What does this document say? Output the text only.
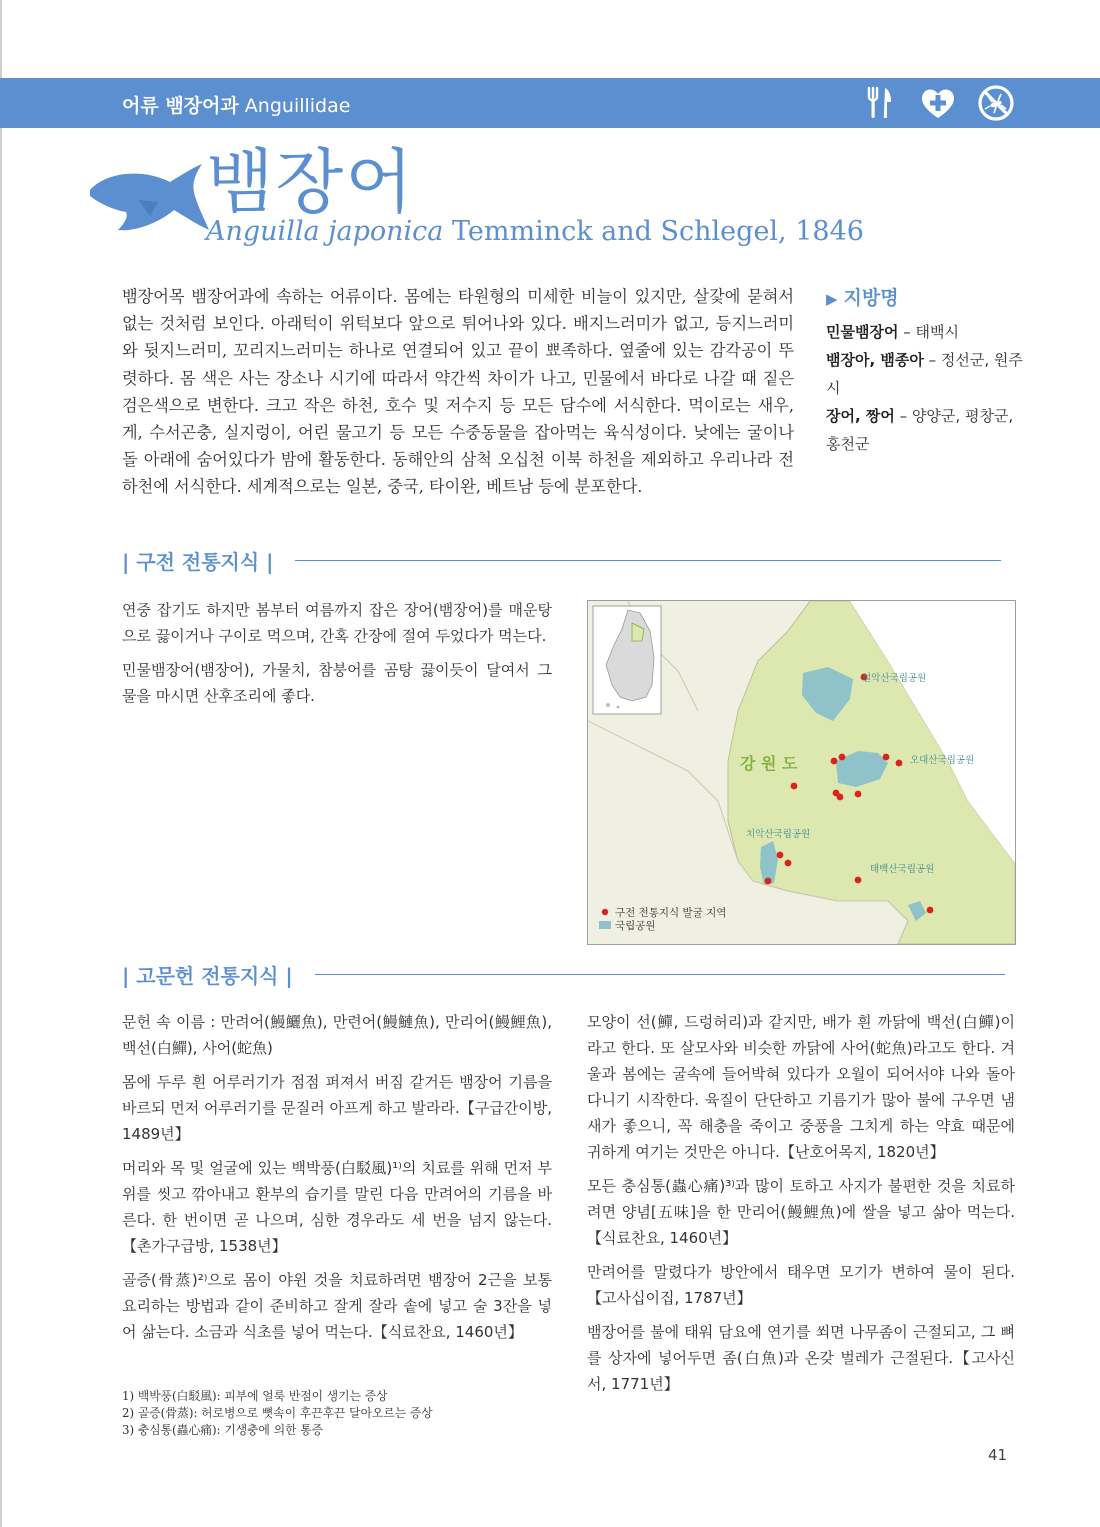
어류 뱀장어과 Anguillidae
뱀장어
Anguilla japonica Temminck and Schlegel, 1846

뱀장어목 뱀장어과에 속하는 어류이다. 몸에는 타원형의 미세한 비늘이 있지만, 살갗에 묻혀서 없는 것처럼 보인다. 아래턱이 위턱보다 앞으로 튀어나와 있다. 배지느러미가 없고, 등지느러미와 뒷지느러미, 꼬리지느러미는 하나로 연결되어 있고 끝이 뾰족하다. 옆줄에 있는 감각공이 뚜렷하다. 몸 색은 사는 장소나 시기에 따라서 약간씩 차이가 나고, 민물에서 바다로 나갈 때 짙은 검은색으로 변한다. 크고 작은 하천, 호수 및 저수지 등 모든 담수에 서식한다. 먹이로는 새우, 게, 수서곤충, 실지렁이, 어린 물고기 등 모든 수중동물을 잡아먹는 육식성이다. 낮에는 굴이나 돌 아래에 숨어있다가 밤에 활동한다. 동해안의 삼척 오십천 이북 하천을 제외하고 우리나라 전 하천에 서식한다. 세계적으로는 일본, 중국, 타이완, 베트남 등에 분포한다.

▶ 지방명
민물뱀장어 – 태백시
뱀장아, 뱀종아 – 정선군, 원주시
장어, 짱어 – 양양군, 평창군, 홍천군
| 구전 전통지식 |

연중 잡기도 하지만 봄부터 여름까지 잡은 장어(뱀장어)를 매운탕으로 끓이거나 구이로 먹으며, 간혹 간장에 절여 두었다가 먹는다.

민물뱀장어(뱀장어), 가물치, 참붕어를 곰탕 끓이듯이 달여서 그 물을 마시면 산후조리에 좋다.

강 원 도
설악산국립공원
오대산국립공원
치악산국립공원
태백산국립공원
구전 전통지식 발굴 지역
국립공원
| 고문헌 전통지식 |

문헌 속 이름 : 만려어(鰻鱺魚), 만련어(鰻鰱魚), 만리어(鰻鯉魚), 백선(白鱓), 사어(蛇魚)

몸에 두루 흰 어루러기가 점점 퍼져서 버짐 같거든 뱀장어 기름을 바르되 먼저 어루러기를 문질러 아프게 하고 발라라.【구급간이방, 1489년】

머리와 목 및 얼굴에 있는 백박풍(白駁風)¹⁾의 치료를 위해 먼저 부위를 씻고 깎아내고 환부의 습기를 말린 다음 만려어의 기름을 바른다. 한 번이면 곧 나으며, 심한 경우라도 세 번을 넘지 않는다.【촌가구급방, 1538년】

골증(骨蒸)²⁾으로 몸이 야윈 것을 치료하려면 뱀장어 2근을 보통 요리하는 방법과 같이 준비하고 잘게 잘라 솥에 넣고 술 3잔을 넣어 삶는다. 소금과 식초를 넣어 먹는다.【식료찬요, 1460년】

모양이 선(鱓, 드렁허리)과 같지만, 배가 흰 까닭에 백선(白鱓)이라고 한다. 또 살모사와 비슷한 까닭에 사어(蛇魚)라고도 한다. 겨울과 봄에는 굴속에 들어박혀 있다가 오월이 되어서야 나와 돌아다니기 시작한다. 육질이 단단하고 기름기가 많아 불에 구우면 냄새가 좋으니, 꼭 해충을 죽이고 중풍을 그치게 하는 약효 때문에 귀하게 여기는 것만은 아니다.【난호어목지, 1820년】

모든 충심통(蟲心痛)³⁾과 많이 토하고 사지가 불편한 것을 치료하려면 양념[五味]을 한 만리어(鰻鯉魚)에 쌀을 넣고 삶아 먹는다.【식료찬요, 1460년】

만려어를 말렸다가 방안에서 태우면 모기가 변하여 물이 된다.【고사십이집, 1787년】

뱀장어를 불에 태워 담요에 연기를 쐬면 나무좀이 근절되고, 그 뼈를 상자에 넣어두면 좀(白魚)과 온갖 벌레가 근절된다.【고사신서, 1771년】

1) 백박풍(白駁風): 피부에 얼룩 반점이 생기는 증상
2) 골증(骨蒸): 허로병으로 뼛속이 후끈후끈 달아오르는 증상
3) 충심통(蟲心痛): 기생충에 의한 통증
41
